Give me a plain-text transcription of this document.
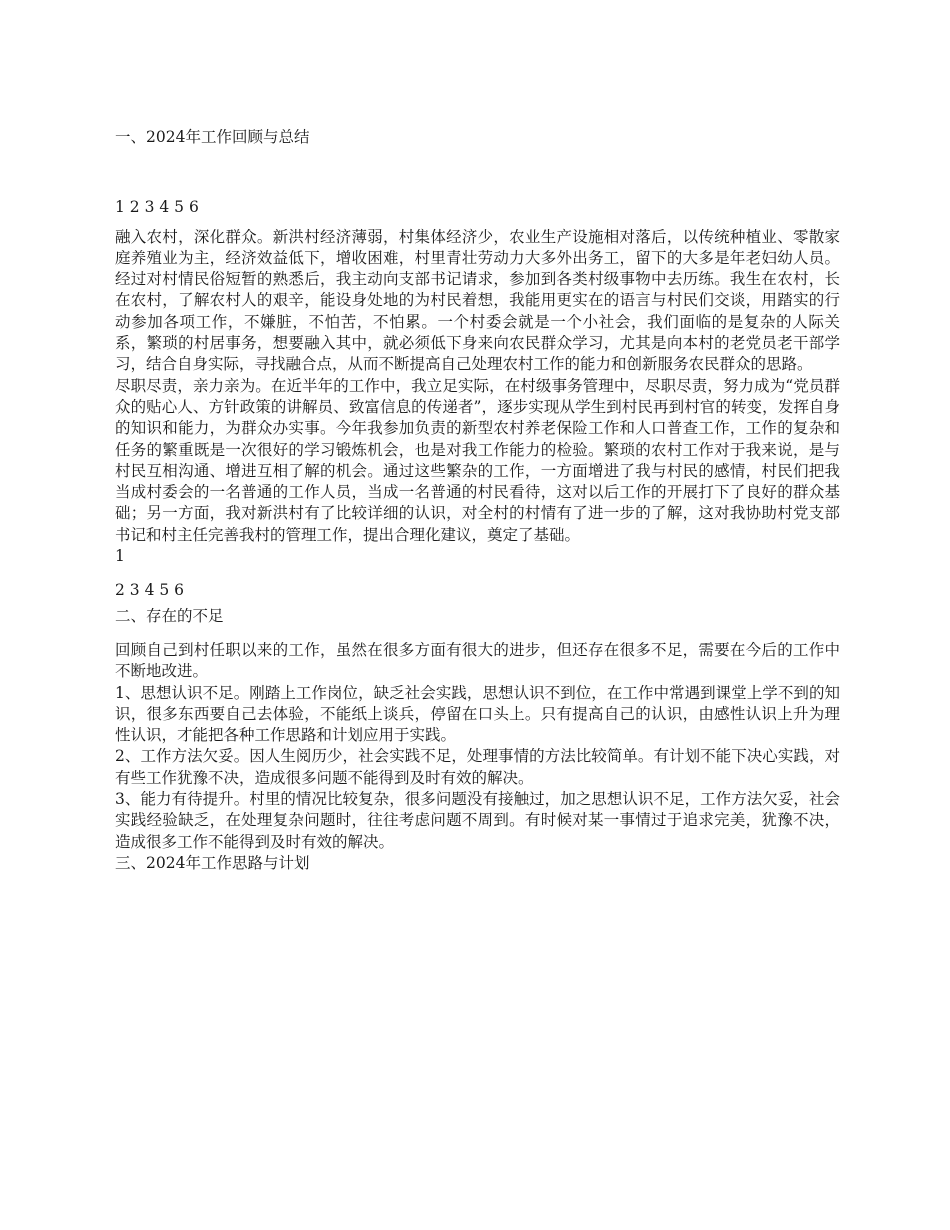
一、2024年工作回顾与总结
1 2 3 4 5 6

融入农村，深化群众。新洪村经济薄弱，村集体经济少，农业生产设施相对落后，以传统种植业、零散家庭养殖业为主，经济效益低下，增收困难，村里青壮劳动力大多外出务工，留下的大多是年老妇幼人员。经过对村情民俗短暂的熟悉后，我主动向支部书记请求，参加到各类村级事物中去历练。我生在农村，长在农村，了解农村人的艰辛，能设身处地的为村民着想，我能用更实在的语言与村民们交谈，用踏实的行动参加各项工作，不嫌脏，不怕苦，不怕累。一个村委会就是一个小社会，我们面临的是复杂的人际关系，繁琐的村居事务，想要融入其中，就必须低下身来向农民群众学习，尤其是向本村的老党员老干部学习，结合自身实际，寻找融合点，从而不断提高自己处理农村工作的能力和创新服务农民群众的思路。

尽职尽责，亲力亲为。在近半年的工作中，我立足实际，在村级事务管理中，尽职尽责，努力成为“党员群众的贴心人、方针政策的讲解员、致富信息的传递者”，逐步实现从学生到村民再到村官的转变，发挥自身的知识和能力，为群众办实事。今年我参加负责的新型农村养老保险工作和人口普查工作，工作的复杂和任务的繁重既是一次很好的学习锻炼机会，也是对我工作能力的检验。繁琐的农村工作对于我来说，是与村民互相沟通、增进互相了解的机会。通过这些繁杂的工作，一方面增进了我与村民的感情，村民们把我当成村委会的一名普通的工作人员，当成一名普通的村民看待，这对以后工作的开展打下了良好的群众基础；另一方面，我对新洪村有了比较详细的认识，对全村的村情有了进一步的了解，这对我协助村党支部书记和村主任完善我村的管理工作，提出合理化建议，奠定了基础。

1
2 3 4 5 6
二、存在的不足

回顾自己到村任职以来的工作，虽然在很多方面有很大的进步，但还存在很多不足，需要在今后的工作中不断地改进。

1、思想认识不足。刚踏上工作岗位，缺乏社会实践，思想认识不到位，在工作中常遇到课堂上学不到的知识，很多东西要自己去体验，不能纸上谈兵，停留在口头上。只有提高自己的认识，由感性认识上升为理性认识，才能把各种工作思路和计划应用于实践。

2、工作方法欠妥。因人生阅历少，社会实践不足，处理事情的方法比较简单。有计划不能下决心实践，对有些工作犹豫不决，造成很多问题不能得到及时有效的解决。

3、能力有待提升。村里的情况比较复杂，很多问题没有接触过，加之思想认识不足，工作方法欠妥，社会实践经验缺乏，在处理复杂问题时，往往考虑问题不周到。有时候对某一事情过于追求完美，犹豫不决，造成很多工作不能得到及时有效的解决。

三、2024年工作思路与计划
